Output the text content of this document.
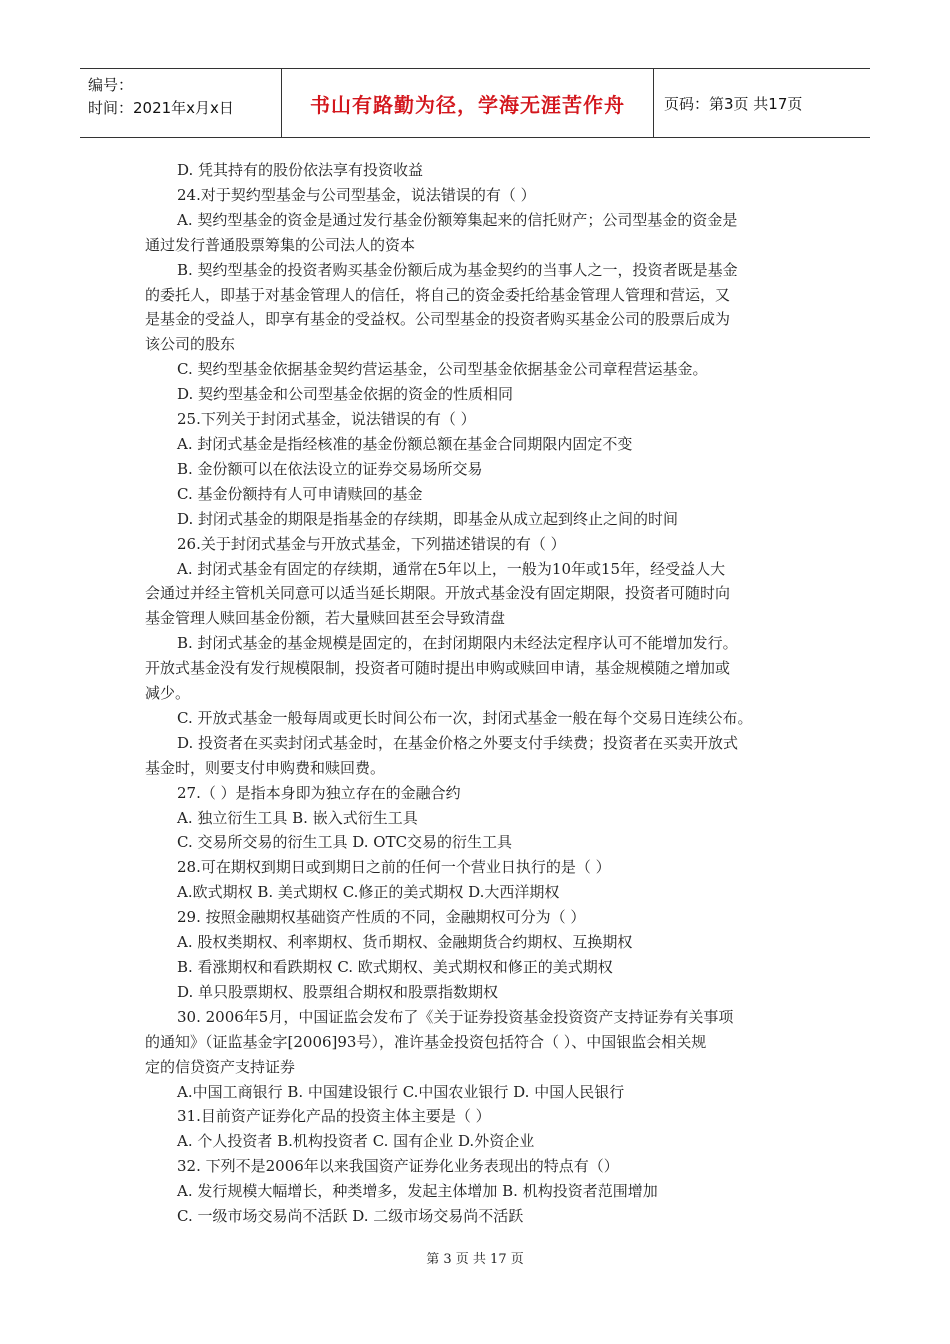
编号：
时间：2021年x月x日	书山有路勤为径，学海无涯苦作舟	页码：第3页 共17页
D. 凭其持有的股份依法享有投资收益
24.对于契约型基金与公司型基金，说法错误的有（ ）
A. 契约型基金的资金是通过发行基金份额筹集起来的信托财产；公司型基金的资金是
通过发行普通股票筹集的公司法人的资本
B. 契约型基金的投资者购买基金份额后成为基金契约的当事人之一，投资者既是基金
的委托人，即基于对基金管理人的信任，将自己的资金委托给基金管理人管理和营运，又
是基金的受益人，即享有基金的受益权。公司型基金的投资者购买基金公司的股票后成为
该公司的股东
C. 契约型基金依据基金契约营运基金，公司型基金依据基金公司章程营运基金。
D. 契约型基金和公司型基金依据的资金的性质相同
25.下列关于封闭式基金，说法错误的有（ ）
A. 封闭式基金是指经核准的基金份额总额在基金合同期限内固定不变
B. 金份额可以在依法设立的证券交易场所交易
C. 基金份额持有人可申请赎回的基金
D. 封闭式基金的期限是指基金的存续期，即基金从成立起到终止之间的时间
26.关于封闭式基金与开放式基金，下列描述错误的有（ ）
A. 封闭式基金有固定的存续期，通常在5年以上，一般为10年或15年，经受益人大
会通过并经主管机关同意可以适当延长期限。开放式基金没有固定期限，投资者可随时向
基金管理人赎回基金份额，若大量赎回甚至会导致清盘
B. 封闭式基金的基金规模是固定的，在封闭期限内未经法定程序认可不能增加发行。
开放式基金没有发行规模限制，投资者可随时提出申购或赎回申请，基金规模随之增加或
减少。
C. 开放式基金一般每周或更长时间公布一次，封闭式基金一般在每个交易日连续公布。
D. 投资者在买卖封闭式基金时，在基金价格之外要支付手续费；投资者在买卖开放式
基金时，则要支付申购费和赎回费。
27.（ ）是指本身即为独立存在的金融合约
A. 独立衍生工具 B. 嵌入式衍生工具
C. 交易所交易的衍生工具 D. OTC交易的衍生工具
28.可在期权到期日或到期日之前的任何一个营业日执行的是（ ）
A.欧式期权 B. 美式期权 C.修正的美式期权 D.大西洋期权
29. 按照金融期权基础资产性质的不同，金融期权可分为（ ）
A. 股权类期权、利率期权、货币期权、金融期货合约期权、互换期权
B. 看涨期权和看跌期权 C. 欧式期权、美式期权和修正的美式期权
D. 单只股票期权、股票组合期权和股票指数期权
30. 2006年5月，中国证监会发布了《关于证券投资基金投资资产支持证券有关事项
的通知》（证监基金字[2006]93号），准许基金投资包括符合（ ）、中国银监会相关规
定的信贷资产支持证券
A.中国工商银行 B. 中国建设银行 C.中国农业银行 D. 中国人民银行
31.目前资产证券化产品的投资主体主要是（ ）
A. 个人投资者 B.机构投资者 C. 国有企业 D.外资企业
32. 下列不是2006年以来我国资产证券化业务表现出的特点有（）
A. 发行规模大幅增长，种类增多，发起主体增加 B. 机构投资者范围增加
C. 一级市场交易尚不活跃 D. 二级市场交易尚不活跃
第 3 页 共 17 页
